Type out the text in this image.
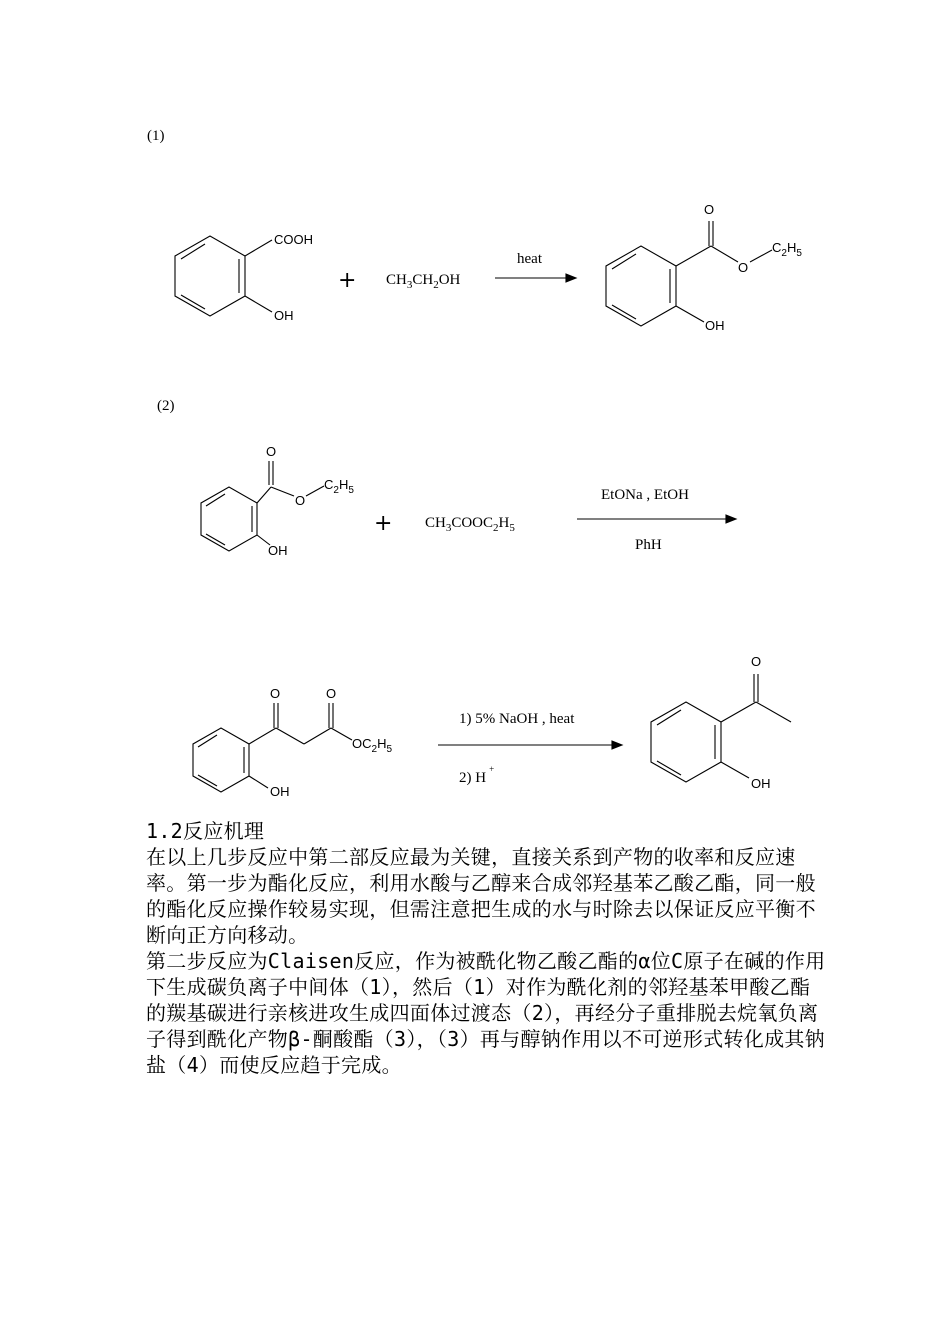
(1)
COOH
OH
+ $CH_3CH_2OH$
heat
O
O
$C_2H_5$
OH
(2)
O
O
$C_2H_5$
OH
+ $CH_3COOC_2H_5$
EtONa , EtOH
PhH
O	O
$OC_2H_5$
OH
1) 5% NaOH , heat
2) H+
O
OH

1.2反应机理

在以上几步反应中第二部反应最为关键，直接关系到产物的收率和反应速率。第一步为酯化反应，利用水酸与乙醇来合成邻羟基苯乙酸乙酯，同一般的酯化反应操作较易实现，但需注意把生成的水与时除去以保证反应平衡不断向正方向移动。

第二步反应为Claisen反应，作为被酰化物乙酸乙酯的α位C原子在碱的作用下生成碳负离子中间体（1），然后（1）对作为酰化剂的邻羟基苯甲酸乙酯的羰基碳进行亲核进攻生成四面体过渡态（2），再经分子重排脱去烷氧负离子得到酰化产物β-酮酸酯（3），（3）再与醇钠作用以不可逆形式转化成其钠盐（4）而使反应趋于完成。
